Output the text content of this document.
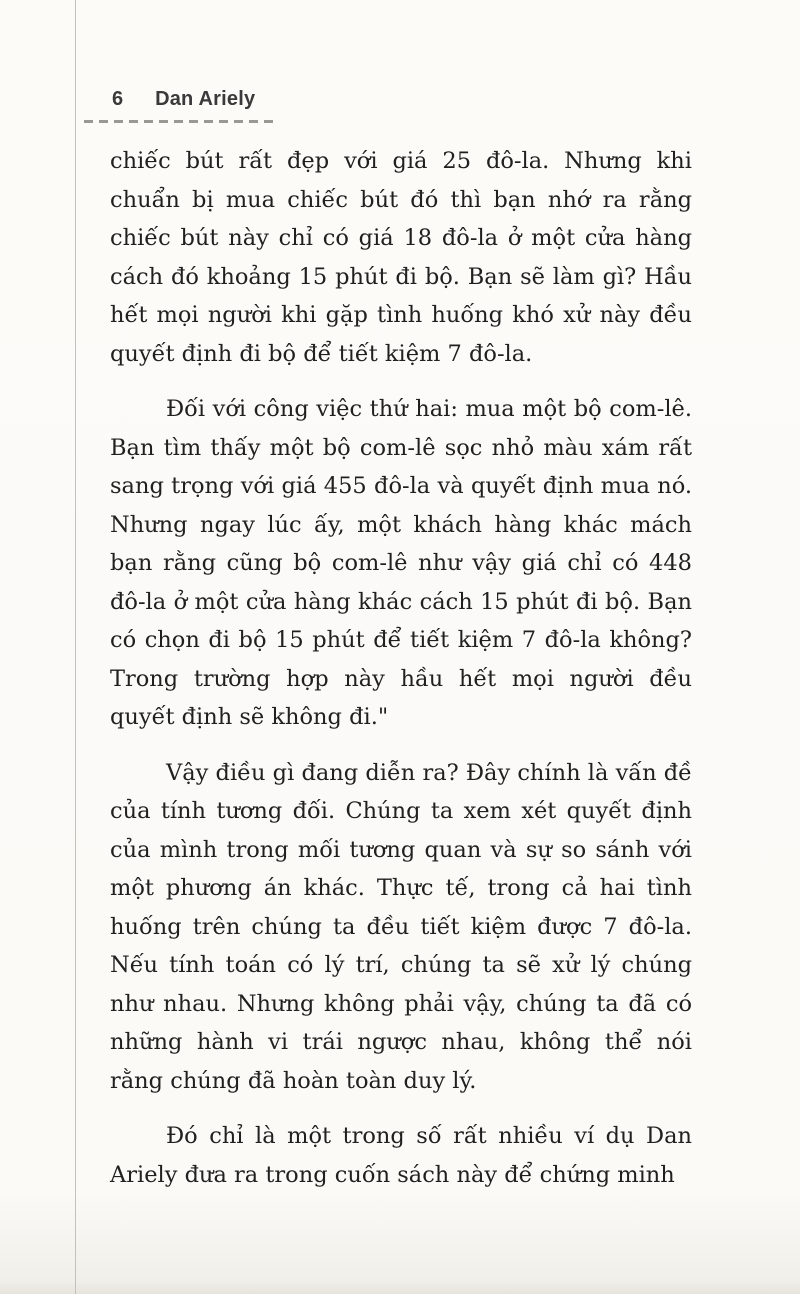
6 Dan Ariely

chiếc bút rất đẹp với giá 25 đô-la. Nhưng khi chuẩn bị mua chiếc bút đó thì bạn nhớ ra rằng chiếc bút này chỉ có giá 18 đô-la ở một cửa hàng cách đó khoảng 15 phút đi bộ. Bạn sẽ làm gì? Hầu hết mọi người khi gặp tình huống khó xử này đều quyết định đi bộ để tiết kiệm 7 đô-la.

Đối với công việc thứ hai: mua một bộ com-lê. Bạn tìm thấy một bộ com-lê sọc nhỏ màu xám rất sang trọng với giá 455 đô-la và quyết định mua nó. Nhưng ngay lúc ấy, một khách hàng khác mách bạn rằng cũng bộ com-lê như vậy giá chỉ có 448 đô-la ở một cửa hàng khác cách 15 phút đi bộ. Bạn có chọn đi bộ 15 phút để tiết kiệm 7 đô-la không? Trong trường hợp này hầu hết mọi người đều quyết định sẽ không đi."

Vậy điều gì đang diễn ra? Đây chính là vấn đề của tính tương đối. Chúng ta xem xét quyết định của mình trong mối tương quan và sự so sánh với một phương án khác. Thực tế, trong cả hai tình huống trên chúng ta đều tiết kiệm được 7 đô-la. Nếu tính toán có lý trí, chúng ta sẽ xử lý chúng như nhau. Nhưng không phải vậy, chúng ta đã có những hành vi trái ngược nhau, không thể nói rằng chúng đã hoàn toàn duy lý.

Đó chỉ là một trong số rất nhiều ví dụ Dan Ariely đưa ra trong cuốn sách này để chứng minh
